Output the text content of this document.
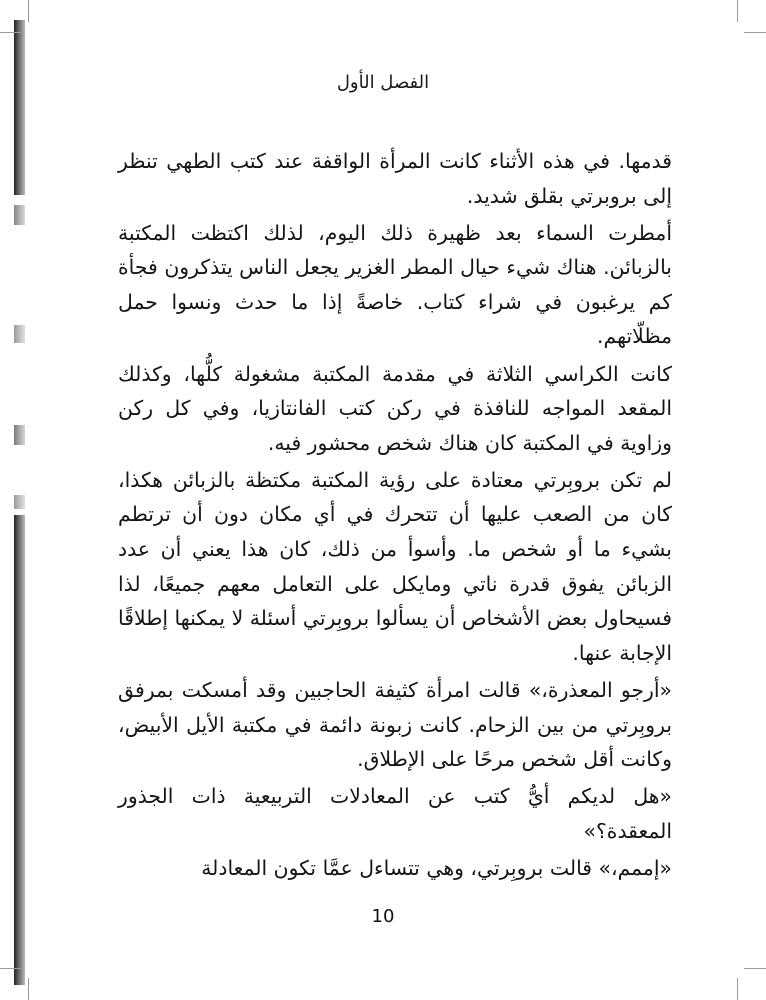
الفصل الأول

قدمها. في هذه الأثناء كانت المرأة الواقفة عند كتب الطهي تنظر إلى بروبرتي بقلق شديد.

أمطرت السماء بعد ظهيرة ذلك اليوم، لذلك اكتظت المكتبة بالزبائن. هناك شيء حيال المطر الغزير يجعل الناس يتذكرون فجأة كم يرغبون في شراء كتاب. خاصةً إذا ما حدث ونسوا حمل مظلّاتهم.

كانت الكراسي الثلاثة في مقدمة المكتبة مشغولة كلُّها، وكذلك المقعد المواجه للنافذة في ركن كتب الفانتازيا، وفي كل ركن وزاوية في المكتبة كان هناك شخص محشور فيه.

لم تكن بروبِرتي معتادة على رؤية المكتبة مكتظة بالزبائن هكذا، كان من الصعب عليها أن تتحرك في أي مكان دون أن ترتطم بشيء ما أو شخص ما. وأسوأ من ذلك، كان هذا يعني أن عدد الزبائن يفوق قدرة ناتي ومايكل على التعامل معهم جميعًا، لذا فسيحاول بعض الأشخاص أن يسألوا بروبِرتي أسئلة لا يمكنها إطلاقًا الإجابة عنها.

«أرجو المعذرة،» قالت امرأة كثيفة الحاجبين وقد أمسكت بمرفق بروبِرتي من بين الزحام. كانت زبونة دائمة في مكتبة الأيل الأبيض، وكانت أقل شخص مرحًا على الإطلاق.

«هل لديكم أيُّ كتب عن المعادلات التربيعية ذات الجذور المعقدة؟»

«إممم،» قالت بروبِرتي، وهي تتساءل عمَّا تكون المعادلة

10
